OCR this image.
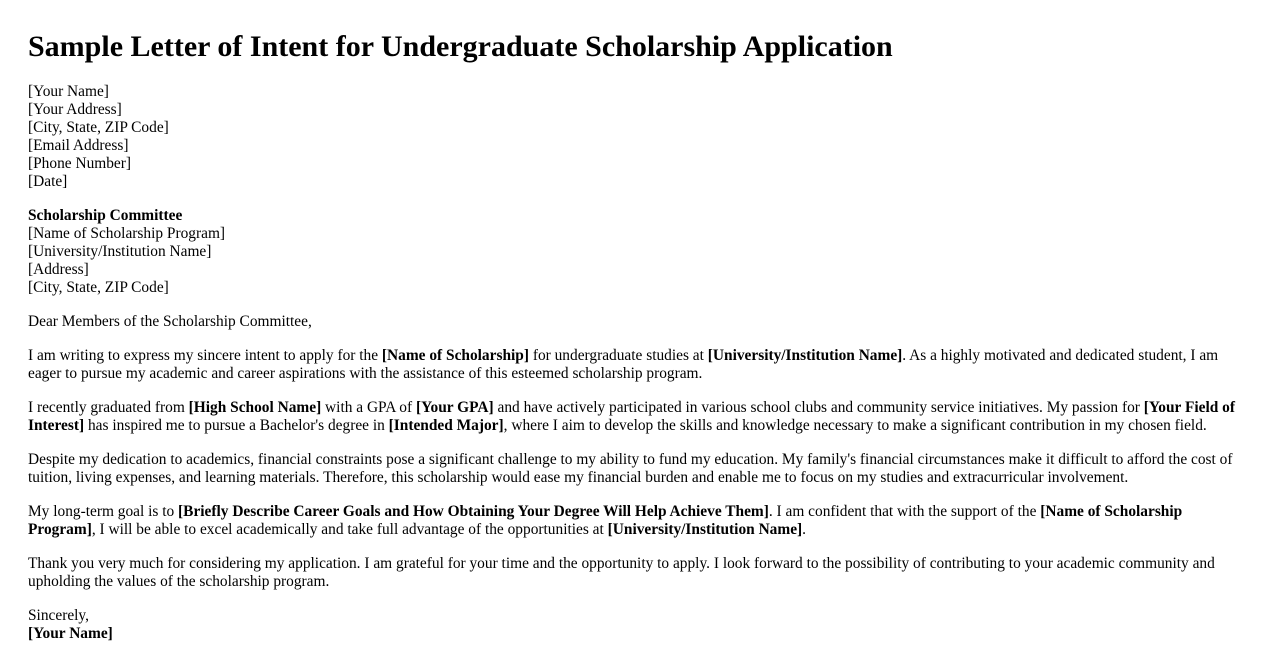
Sample Letter of Intent for Undergraduate Scholarship Application
[Your Name]
[Your Address]
[City, State, ZIP Code]
[Email Address]
[Phone Number]
[Date]
Scholarship Committee
[Name of Scholarship Program]
[University/Institution Name]
[Address]
[City, State, ZIP Code]

Dear Members of the Scholarship Committee,

I am writing to express my sincere intent to apply for the [Name of Scholarship] for undergraduate studies at [University/Institution Name]. As a highly motivated and dedicated student, I am eager to pursue my academic and career aspirations with the assistance of this esteemed scholarship program.

I recently graduated from [High School Name] with a GPA of [Your GPA] and have actively participated in various school clubs and community service initiatives. My passion for [Your Field of Interest] has inspired me to pursue a Bachelor's degree in [Intended Major], where I aim to develop the skills and knowledge necessary to make a significant contribution in my chosen field.

Despite my dedication to academics, financial constraints pose a significant challenge to my ability to fund my education. My family's financial circumstances make it difficult to afford the cost of tuition, living expenses, and learning materials. Therefore, this scholarship would ease my financial burden and enable me to focus on my studies and extracurricular involvement.

My long-term goal is to [Briefly Describe Career Goals and How Obtaining Your Degree Will Help Achieve Them]. I am confident that with the support of the [Name of Scholarship Program], I will be able to excel academically and take full advantage of the opportunities at [University/Institution Name].

Thank you very much for considering my application. I am grateful for your time and the opportunity to apply. I look forward to the possibility of contributing to your academic community and upholding the values of the scholarship program.

Sincerely,
[Your Name]
